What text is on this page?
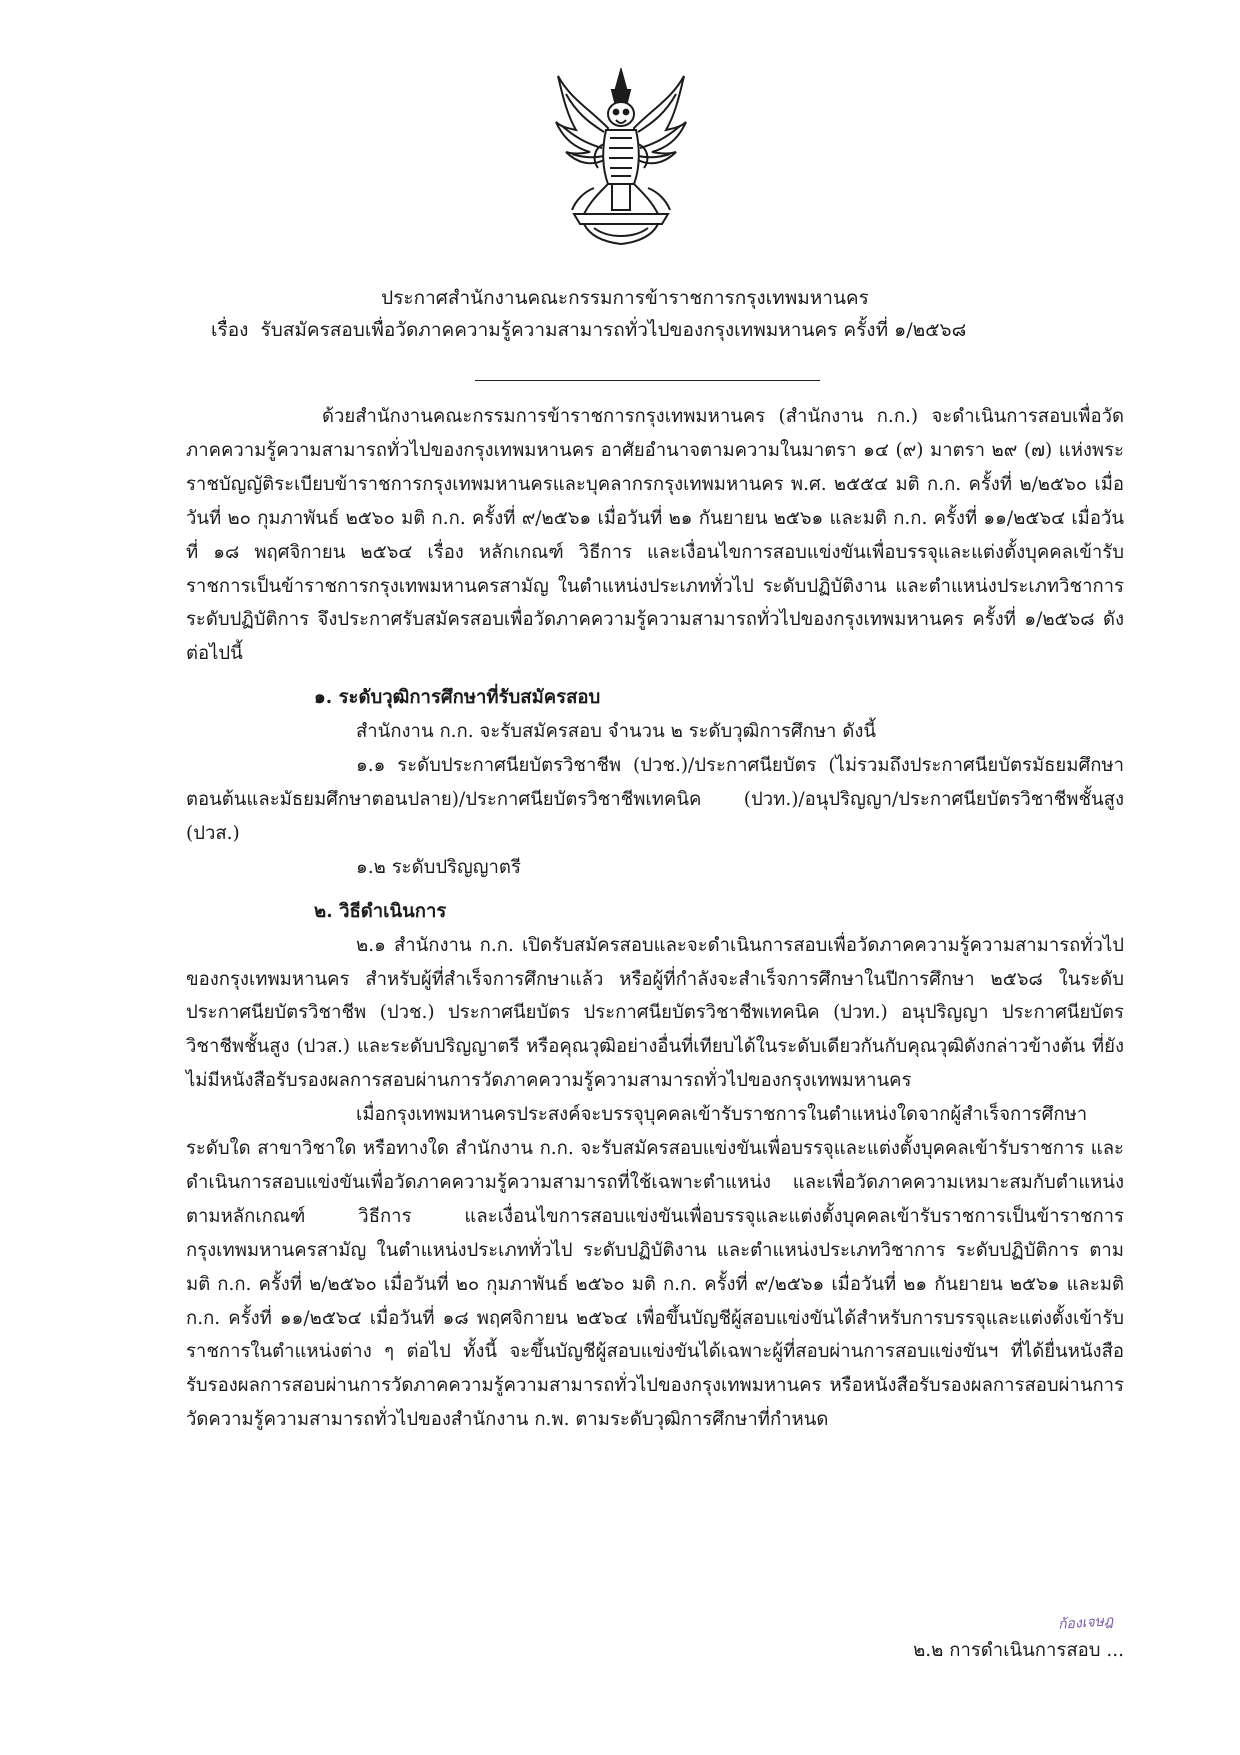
ประกาศสำนักงานคณะกรรมการข้าราชการกรุงเทพมหานคร
เรื่อง รับสมัครสอบเพื่อวัดภาคความรู้ความสามารถทั่วไปของกรุงเทพมหานคร ครั้งที่ ๑/๒๕๖๘

ด้วยสำนักงานคณะกรรมการข้าราชการกรุงเทพมหานคร (สำนักงาน ก.ก.) จะดำเนินการสอบเพื่อวัดภาคความรู้ความสามารถทั่วไปของกรุงเทพมหานคร อาศัยอำนาจตามความในมาตรา ๑๔ (๙) มาตรา ๒๙ (๗) แห่งพระราชบัญญัติระเบียบข้าราชการกรุงเทพมหานครและบุคลากรกรุงเทพมหานคร พ.ศ. ๒๕๕๔ มติ ก.ก. ครั้งที่ ๒/๒๕๖๐ เมื่อวันที่ ๒๐ กุมภาพันธ์ ๒๕๖๐ มติ ก.ก. ครั้งที่ ๙/๒๕๖๑ เมื่อวันที่ ๒๑ กันยายน ๒๕๖๑ และมติ ก.ก. ครั้งที่ ๑๑/๒๕๖๔ เมื่อวันที่ ๑๘ พฤศจิกายน ๒๕๖๔ เรื่อง หลักเกณฑ์ วิธีการ และเงื่อนไขการสอบแข่งขันเพื่อบรรจุและแต่งตั้งบุคคลเข้ารับราชการเป็นข้าราชการกรุงเทพมหานครสามัญ ในตำแหน่งประเภททั่วไป ระดับปฏิบัติงาน และตำแหน่งประเภทวิชาการ ระดับปฏิบัติการ จึงประกาศรับสมัครสอบเพื่อวัดภาคความรู้ความสามารถทั่วไปของกรุงเทพมหานคร ครั้งที่ ๑/๒๕๖๘ ดังต่อไปนี้

๑. ระดับวุฒิการศึกษาที่รับสมัครสอบ

สำนักงาน ก.ก. จะรับสมัครสอบ จำนวน ๒ ระดับวุฒิการศึกษา ดังนี้

๑.๑ ระดับประกาศนียบัตรวิชาชีพ (ปวช.)/ประกาศนียบัตร (ไม่รวมถึงประกาศนียบัตรมัธยมศึกษาตอนต้นและมัธยมศึกษาตอนปลาย)/ประกาศนียบัตรวิชาชีพเทคนิค (ปวท.)/อนุปริญญา/ประกาศนียบัตรวิชาชีพชั้นสูง (ปวส.)

๑.๒ ระดับปริญญาตรี

๒. วิธีดำเนินการ

๒.๑ สำนักงาน ก.ก. เปิดรับสมัครสอบและจะดำเนินการสอบเพื่อวัดภาคความรู้ความสามารถทั่วไปของกรุงเทพมหานคร สำหรับผู้ที่สำเร็จการศึกษาแล้ว หรือผู้ที่กำลังจะสำเร็จการศึกษาในปีการศึกษา ๒๕๖๘ ในระดับประกาศนียบัตรวิชาชีพ (ปวช.) ประกาศนียบัตร ประกาศนียบัตรวิชาชีพเทคนิค (ปวท.) อนุปริญญา ประกาศนียบัตรวิชาชีพชั้นสูง (ปวส.) และระดับปริญญาตรี หรือคุณวุฒิอย่างอื่นที่เทียบได้ในระดับเดียวกันกับคุณวุฒิดังกล่าวข้างต้น ที่ยังไม่มีหนังสือรับรองผลการสอบผ่านการวัดภาคความรู้ความสามารถทั่วไปของกรุงเทพมหานคร

เมื่อกรุงเทพมหานครประสงค์จะบรรจุบุคคลเข้ารับราชการในตำแหน่งใดจากผู้สำเร็จการศึกษาระดับใด สาขาวิชาใด หรือทางใด สำนักงาน ก.ก. จะรับสมัครสอบแข่งขันเพื่อบรรจุและแต่งตั้งบุคคลเข้ารับราชการ และดำเนินการสอบแข่งขันเพื่อวัดภาคความรู้ความสามารถที่ใช้เฉพาะตำแหน่ง และเพื่อวัดภาคความเหมาะสมกับตำแหน่ง ตามหลักเกณฑ์ วิธีการ และเงื่อนไขการสอบแข่งขันเพื่อบรรจุและแต่งตั้งบุคคลเข้ารับราชการเป็นข้าราชการกรุงเทพมหานครสามัญ ในตำแหน่งประเภททั่วไป ระดับปฏิบัติงาน และตำแหน่งประเภทวิชาการ ระดับปฏิบัติการ ตามมติ ก.ก. ครั้งที่ ๒/๒๕๖๐ เมื่อวันที่ ๒๐ กุมภาพันธ์ ๒๕๖๐ มติ ก.ก. ครั้งที่ ๙/๒๕๖๑ เมื่อวันที่ ๒๑ กันยายน ๒๕๖๑ และมติ ก.ก. ครั้งที่ ๑๑/๒๕๖๔ เมื่อวันที่ ๑๘ พฤศจิกายน ๒๕๖๔ เพื่อขึ้นบัญชีผู้สอบแข่งขันได้สำหรับการบรรจุและแต่งตั้งเข้ารับราชการในตำแหน่งต่าง ๆ ต่อไป ทั้งนี้ จะขึ้นบัญชีผู้สอบแข่งขันได้เฉพาะผู้ที่สอบผ่านการสอบแข่งขันฯ ที่ได้ยื่นหนังสือรับรองผลการสอบผ่านการวัดภาคความรู้ความสามารถทั่วไปของกรุงเทพมหานคร หรือหนังสือรับรองผลการสอบผ่านการวัดความรู้ความสามารถทั่วไปของสำนักงาน ก.พ. ตามระดับวุฒิการศึกษาที่กำหนด

ก้องเจษฎ
๒.๒ การดำเนินการสอบ ...
